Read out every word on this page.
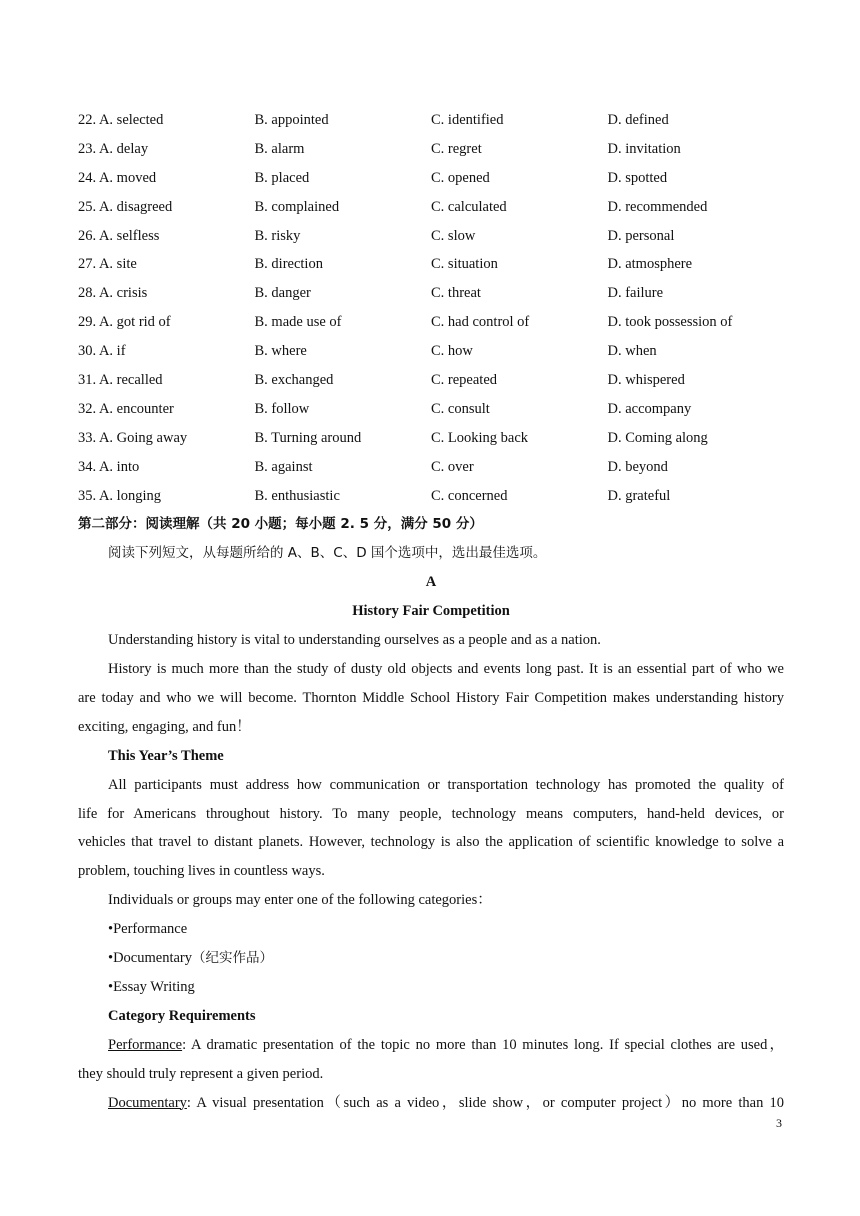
22. A. selected	B. appointed	C. identified	D. defined
23. A. delay	B. alarm	C. regret	D. invitation
24. A. moved	B. placed	C. opened	D. spotted
25. A. disagreed	B. complained	C. calculated	D. recommended
26. A. selfless	B. risky	C. slow	D. personal
27. A. site	B. direction	C. situation	D. atmosphere
28. A. crisis	B. danger	C. threat	D. failure
29. A. got rid of	B. made use of	C. had control of	D. took possession of
30. A. if	B. where	C. how	D. when
31. A. recalled	B. exchanged	C. repeated	D. whispered
32. A. encounter	B. follow	C. consult	D. accompany
33. A. Going away	B. Turning around	C. Looking back	D. Coming along
34. A. into	B. against	C. over	D. beyond
35. A. longing	B. enthusiastic	C. concerned	D. grateful
第二部分：阅读理解（共 20 小题；每小题 2. 5 分，满分 50 分）
阅读下列短文，从每题所给的 A、B、C、D 国个选项中，选出最佳选项。
A
History Fair Competition
Understanding history is vital to understanding ourselves as a people and as a nation.
History is much more than the study of dusty old objects and events long past. It is an essential part of who we
are today and who we will become. Thornton Middle School History Fair Competition makes understanding history
exciting, engaging, and fun！
This Year’s Theme
All participants must address how communication or transportation technology has promoted the quality of
life for Americans throughout history. To many people, technology means computers, hand-held devices, or
vehicles that travel to distant planets. However, technology is also the application of scientific knowledge to solve a
problem, touching lives in countless ways.
Individuals or groups may enter one of the following categories：
•Performance
•Documentary（纪实作品）
•Essay Writing
Category Requirements
Performance: A dramatic presentation of the topic no more than 10 minutes long. If special clothes are used，
they should truly represent a given period.
Documentary: A visual presentation（such as a video，slide show，or computer project）no more than 10
3
